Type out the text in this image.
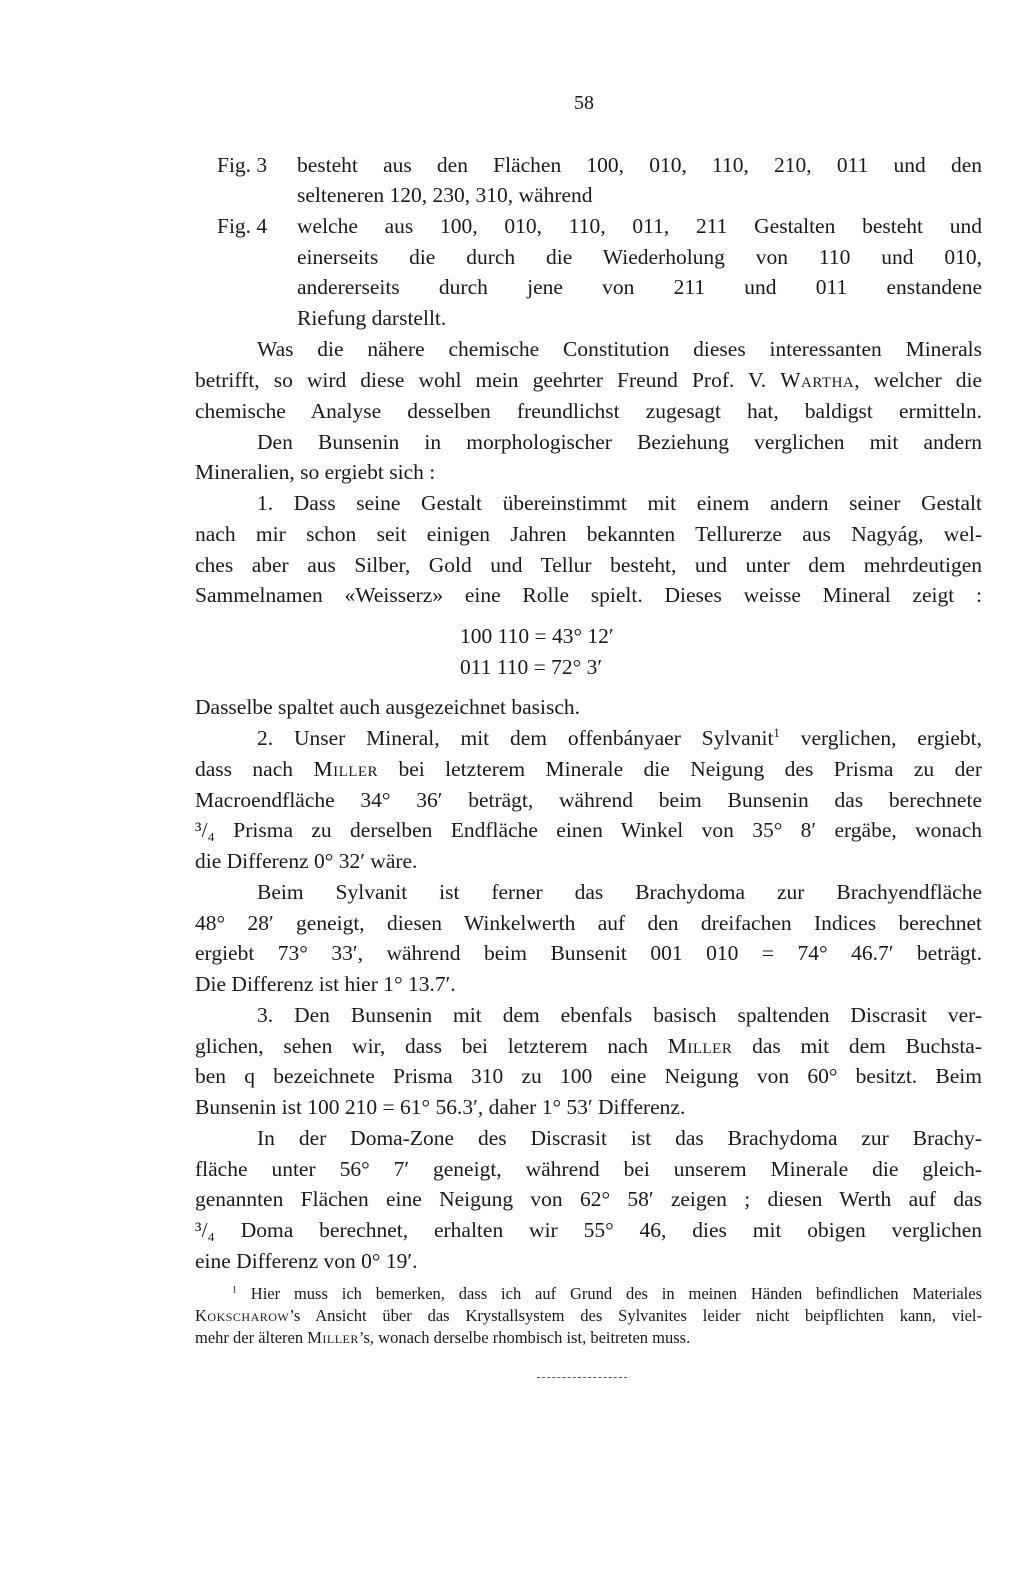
58
Fig. 3 besteht aus den Flächen 100, 010, 110, 210, 011 und den
selteneren 120, 230, 310, während
Fig. 4 welche aus 100, 010, 110, 011, 211 Gestalten besteht und
einerseits die durch die Wiederholung von 110 und 010,
andererseits durch jene von 211 und 011 enstandene
Riefung darstellt.
Was die nähere chemische Constitution dieses interessanten Minerals
betrifft, so wird diese wohl mein geehrter Freund Prof. V. Wartha, welcher die
chemische Analyse desselben freundlichst zugesagt hat, baldigst ermitteln.
Den Bunsenin in morphologischer Beziehung verglichen mit andern
Mineralien, so ergiebt sich :
1. Dass seine Gestalt übereinstimmt mit einem andern seiner Gestalt
nach mir schon seit einigen Jahren bekannten Tellurerze aus Nagyág, wel-
ches aber aus Silber, Gold und Tellur besteht, und unter dem mehrdeutigen
Sammelnamen «Weisserz» eine Rolle spielt. Dieses weisse Mineral zeigt :
100 110 = 43° 12′
011 110 = 72° 3′
Dasselbe spaltet auch ausgezeichnet basisch.
2. Unser Mineral, mit dem offenbányaer Sylvanit$^1$ verglichen, ergiebt,
dass nach Miller bei letzterem Minerale die Neigung des Prisma zu der
Macroendfläche 34° 36′ beträgt, während beim Bunsenin das berechnete
³/₄ Prisma zu derselben Endfläche einen Winkel von 35° 8′ ergäbe, wonach
die Differenz 0° 32′ wäre.
Beim Sylvanit ist ferner das Brachydoma zur Brachyendfläche
48° 28′ geneigt, diesen Winkelwerth auf den dreifachen Indices berechnet
ergiebt 73° 33′, während beim Bunsenit 001 010 = 74° 46.7′ beträgt.
Die Differenz ist hier 1° 13.7′.
3. Den Bunsenin mit dem ebenfals basisch spaltenden Discrasit ver-
glichen, sehen wir, dass bei letzterem nach Miller das mit dem Buchsta-
ben q bezeichnete Prisma 310 zu 100 eine Neigung von 60° besitzt. Beim
Bunsenin ist 100 210 = 61° 56.3′, daher 1° 53′ Differenz.
In der Doma-Zone des Discrasit ist das Brachydoma zur Brachy-
fläche unter 56° 7′ geneigt, während bei unserem Minerale die gleich-
genannten Flächen eine Neigung von 62° 58′ zeigen ; diesen Werth auf das
³/₄ Doma berechnet, erhalten wir 55° 46, dies mit obigen verglichen
eine Differenz von 0° 19′.
$^1$ Hier muss ich bemerken, dass ich auf Grund des in meinen Händen befindlichen Materiales
Kokscharow’s Ansicht über das Krystallsystem des Sylvanites leider nicht beipflichten kann, viel-
mehr der älteren Miller’s, wonach derselbe rhombisch ist, beitreten muss.
